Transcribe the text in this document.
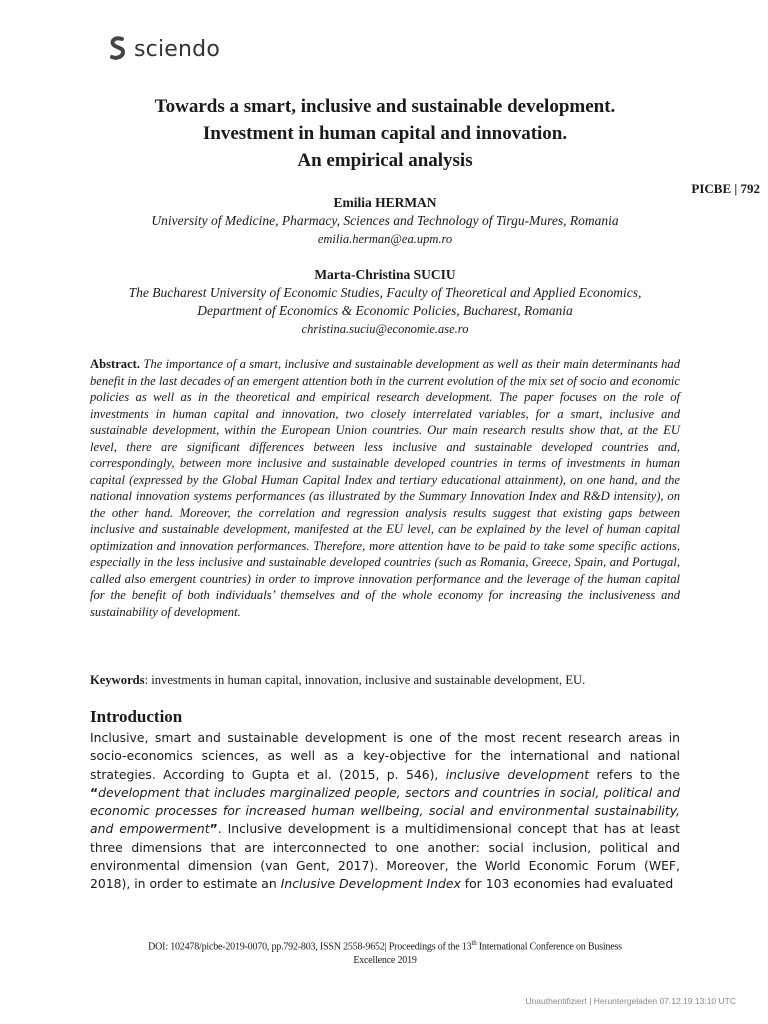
sciendo
PICBE | 792
Towards a smart, inclusive and sustainable development.
Investment in human capital and innovation.
An empirical analysis
Emilia HERMAN
University of Medicine, Pharmacy, Sciences and Technology of Tirgu-Mures, Romania
emilia.herman@ea.upm.ro
Marta-Christina SUCIU
The Bucharest University of Economic Studies, Faculty of Theoretical and Applied Economics,
Department of Economics & Economic Policies, Bucharest, Romania
christina.suciu@economie.ase.ro
Abstract. The importance of a smart, inclusive and sustainable development as well as their main determinants had benefit in the last decades of an emergent attention both in the current evolution of the mix set of socio and economic policies as well as in the theoretical and empirical research development. The paper focuses on the role of investments in human capital and innovation, two closely interrelated variables, for a smart, inclusive and sustainable development, within the European Union countries. Our main research results show that, at the EU level, there are significant differences between less inclusive and sustainable developed countries and, correspondingly, between more inclusive and sustainable developed countries in terms of investments in human capital (expressed by the Global Human Capital Index and tertiary educational attainment), on one hand, and the national innovation systems performances (as illustrated by the Summary Innovation Index and R&D intensity), on the other hand. Moreover, the correlation and regression analysis results suggest that existing gaps between inclusive and sustainable development, manifested at the EU level, can be explained by the level of human capital optimization and innovation performances. Therefore, more attention have to be paid to take some specific actions, especially in the less inclusive and sustainable developed countries (such as Romania, Greece, Spain, and Portugal, called also emergent countries) in order to improve innovation performance and the leverage of the human capital for the benefit of both individuals’ themselves and of the whole economy for increasing the inclusiveness and sustainability of development.
Keywords: investments in human capital, innovation, inclusive and sustainable development, EU.
Introduction
Inclusive, smart and sustainable development is one of the most recent research areas in socio-economics sciences, as well as a key-objective for the international and national strategies. According to Gupta et al. (2015, p. 546), inclusive development refers to the “development that includes marginalized people, sectors and countries in social, political and economic processes for increased human wellbeing, social and environmental sustainability, and empowerment”. Inclusive development is a multidimensional concept that has at least three dimensions that are interconnected to one another: social inclusion, political and environmental dimension (van Gent, 2017). Moreover, the World Economic Forum (WEF, 2018), in order to estimate an Inclusive Development Index for 103 economies had evaluated
DOI: 102478/picbe-2019-0070, pp.792-803, ISSN 2558-9652| Proceedings of the 13th International Conference on Business
Excellence 2019
Unauthentifiziert | Heruntergeladen 07.12.19 13:10 UTC
